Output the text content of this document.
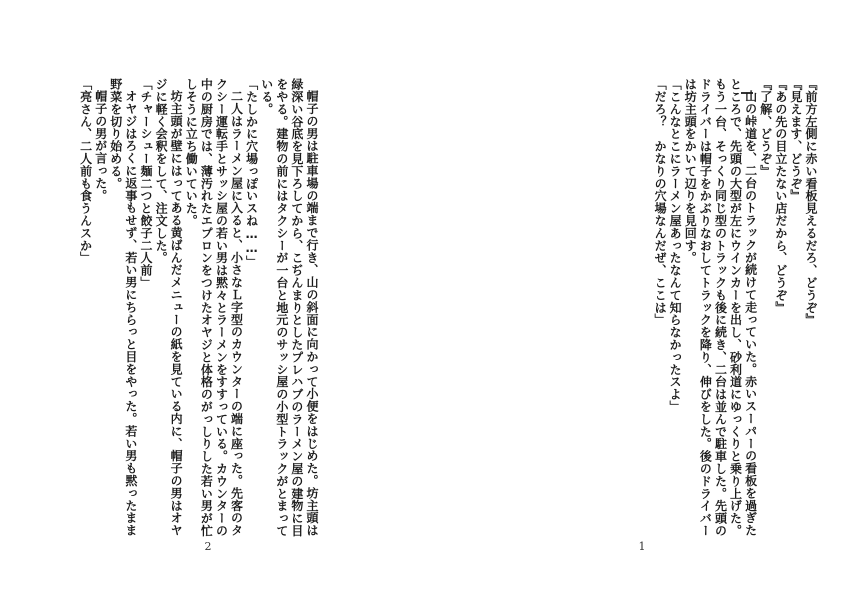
『前方左側に赤い看板見えるだろ、どうぞ』

『見えます、どうぞ』

『あの先の目立たない店だから、どうぞ』

『了解、どうぞ』

山の峠道を、二台のトラックが続けて走っていた。赤いスーパーの看板を過ぎたところで、先頭の大型が左にウインカーを出し、砂利道にゆっくりと乗り上げた。もう一台、そっくり同じ型のトラックも後に続き、二台は並んで駐車した。先頭のドライバーは帽子をかぶりなおしてトラックを降り、伸びをした。後のドライバーは坊主頭をかいて辺りを見回す。

「こんなとこにラーメン屋あったなんて知らなかったスよ」

「だろ？　かなりの穴場なんだぜ、ここは」

1

帽子の男は駐車場の端まで行き、山の斜面に向かって小便をはじめた。坊主頭は緑深い谷底を見下ろしてから、こぢんまりとしたプレハブのラーメン屋の建物に目をやる。建物の前にはタクシーが一台と地元のサッシ屋の小型トラックがとまっている。

「たしかに穴場っぽいスね……」

二人はラーメン屋に入ると、小さなＬ字型のカウンターの端に座った。先客のタクシー運転手とサッシ屋の若い男は黙々とラーメンをすすっている。カウンターの中の厨房では、薄汚れたエプロンをつけたオヤジと体格のがっしりした若い男が忙しそうに立ち働いていた。

坊主頭が壁にはってある黄ばんだメニューの紙を見ている内に、帽子の男はオヤジに軽く会釈をして、注文した。

「チャーシュー麺二つと餃子二人前」

オヤジはろくに返事もせず、若い男にちらっと目をやった。若い男も黙ったまま野菜を切り始める。

帽子の男が言った。

「亮さん、二人前も食うんスか」

2
